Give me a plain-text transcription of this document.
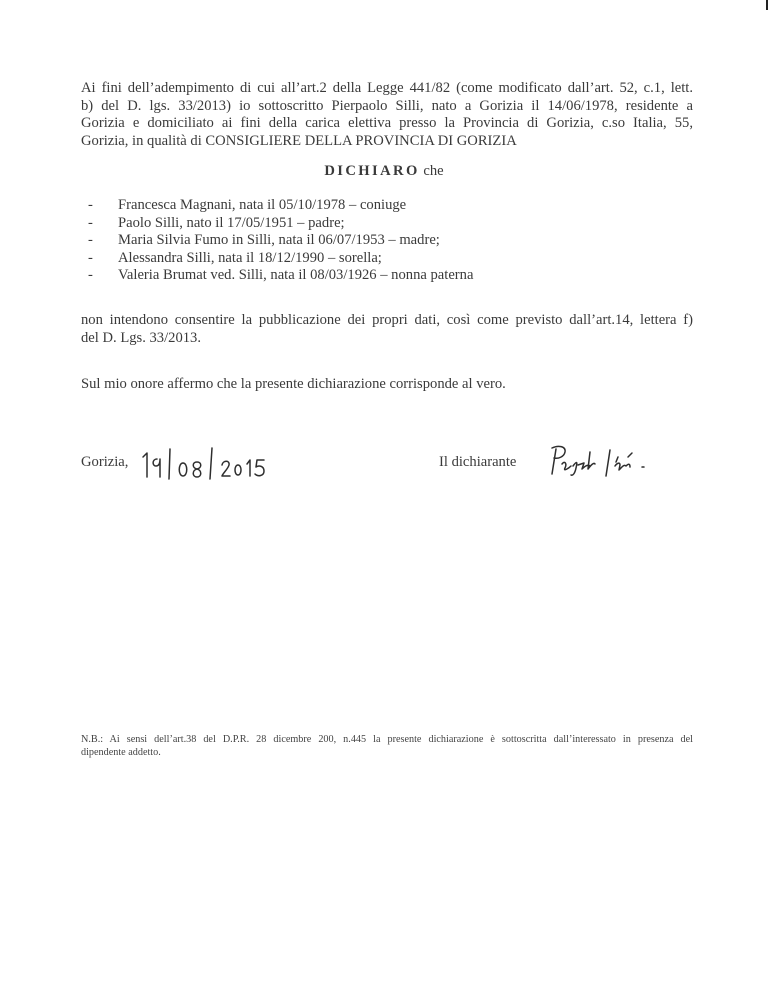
Ai fini dell’adempimento di cui all’art.2 della Legge 441/82 (come modificato dall’art. 52, c.1, lett.
b) del D. lgs. 33/2013) io sottoscritto Pierpaolo Silli, nato a Gorizia il 14/06/1978, residente a
Gorizia e domiciliato ai fini della carica elettiva presso la Provincia di Gorizia, c.so Italia, 55,
Gorizia, in qualità di CONSIGLIERE DELLA PROVINCIA DI GORIZIA

DICHIARO che

- Francesca Magnani, nata il 05/10/1978 – coniuge
- Paolo Silli, nato il 17/05/1951 – padre;
- Maria Silvia Fumo in Silli, nata il 06/07/1953 – madre;
- Alessandra Silli, nata il 18/12/1990 – sorella;
- Valeria Brumat ved. Silli, nata il 08/03/1926 – nonna paterna

non intendono consentire la pubblicazione dei propri dati, così come previsto dall’art.14, lettera f)
del D. Lgs. 33/2013.

Sul mio onore affermo che la presente dichiarazione corrisponde al vero.

Gorizia,	Il dichiarante

N.B.: Ai sensi dell’art.38 del D.P.R. 28 dicembre 200, n.445 la presente dichiarazione è sottoscritta dall’interessato in presenza del
dipendente addetto.
